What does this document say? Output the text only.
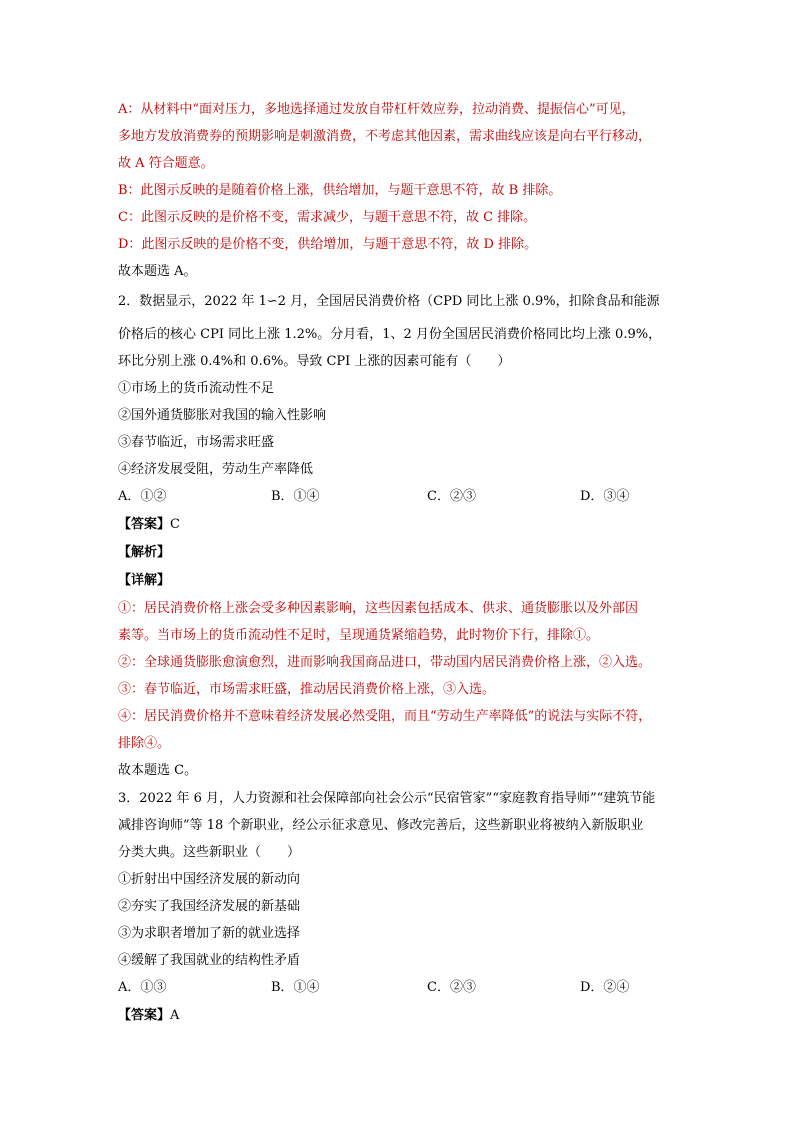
A：从材料中“面对压力，多地选择通过发放自带杠杆效应券，拉动消费、提振信心”可见，
多地方发放消费券的预期影响是刺激消费，不考虑其他因素，需求曲线应该是向右平行移动，
故 A 符合题意。
B：此图示反映的是随着价格上涨，供给增加，与题干意思不符，故 B 排除。
C：此图示反映的是价格不变，需求减少，与题干意思不符，故 C 排除。
D：此图示反映的是价格不变，供给增加，与题干意思不符，故 D 排除。
故本题选 A。
2．数据显示，2022 年 1∽2 月，全国居民消费价格（CPD 同比上涨 0.9%，扣除食品和能源
价格后的核心 CPI 同比上涨 1.2%。分月看，1、2 月份全国居民消费价格同比均上涨 0.9%，
环比分别上涨 0.4%和 0.6%。导致 CPI 上涨的因素可能有（　　）
①市场上的货币流动性不足
②国外通货膨胀对我国的输入性影响
③春节临近，市场需求旺盛
④经济发展受阻，劳动生产率降低
A．①②	B．①④	C．②③	D．③④
【答案】C
【解析】
【详解】
①：居民消费价格上涨会受多种因素影响，这些因素包括成本、供求、通货膨胀以及外部因
素等。当市场上的货币流动性不足时，呈现通货紧缩趋势，此时物价下行，排除①。
②：全球通货膨胀愈演愈烈，进而影响我国商品进口，带动国内居民消费价格上涨，②入选。
③：春节临近，市场需求旺盛，推动居民消费价格上涨，③入选。
④：居民消费价格并不意味着经济发展必然受阻，而且“劳动生产率降低”的说法与实际不符，
排除④。
故本题选 C。
3．2022 年 6 月，人力资源和社会保障部向社会公示“民宿管家”“家庭教育指导师”“建筑节能
减排咨询师”等 18 个新职业，经公示征求意见、修改完善后，这些新职业将被纳入新版职业
分类大典。这些新职业（　　）
①折射出中国经济发展的新动向
②夯实了我国经济发展的新基础
③为求职者增加了新的就业选择
④缓解了我国就业的结构性矛盾
A．①③	B．①④	C．②③	D．②④
【答案】A
